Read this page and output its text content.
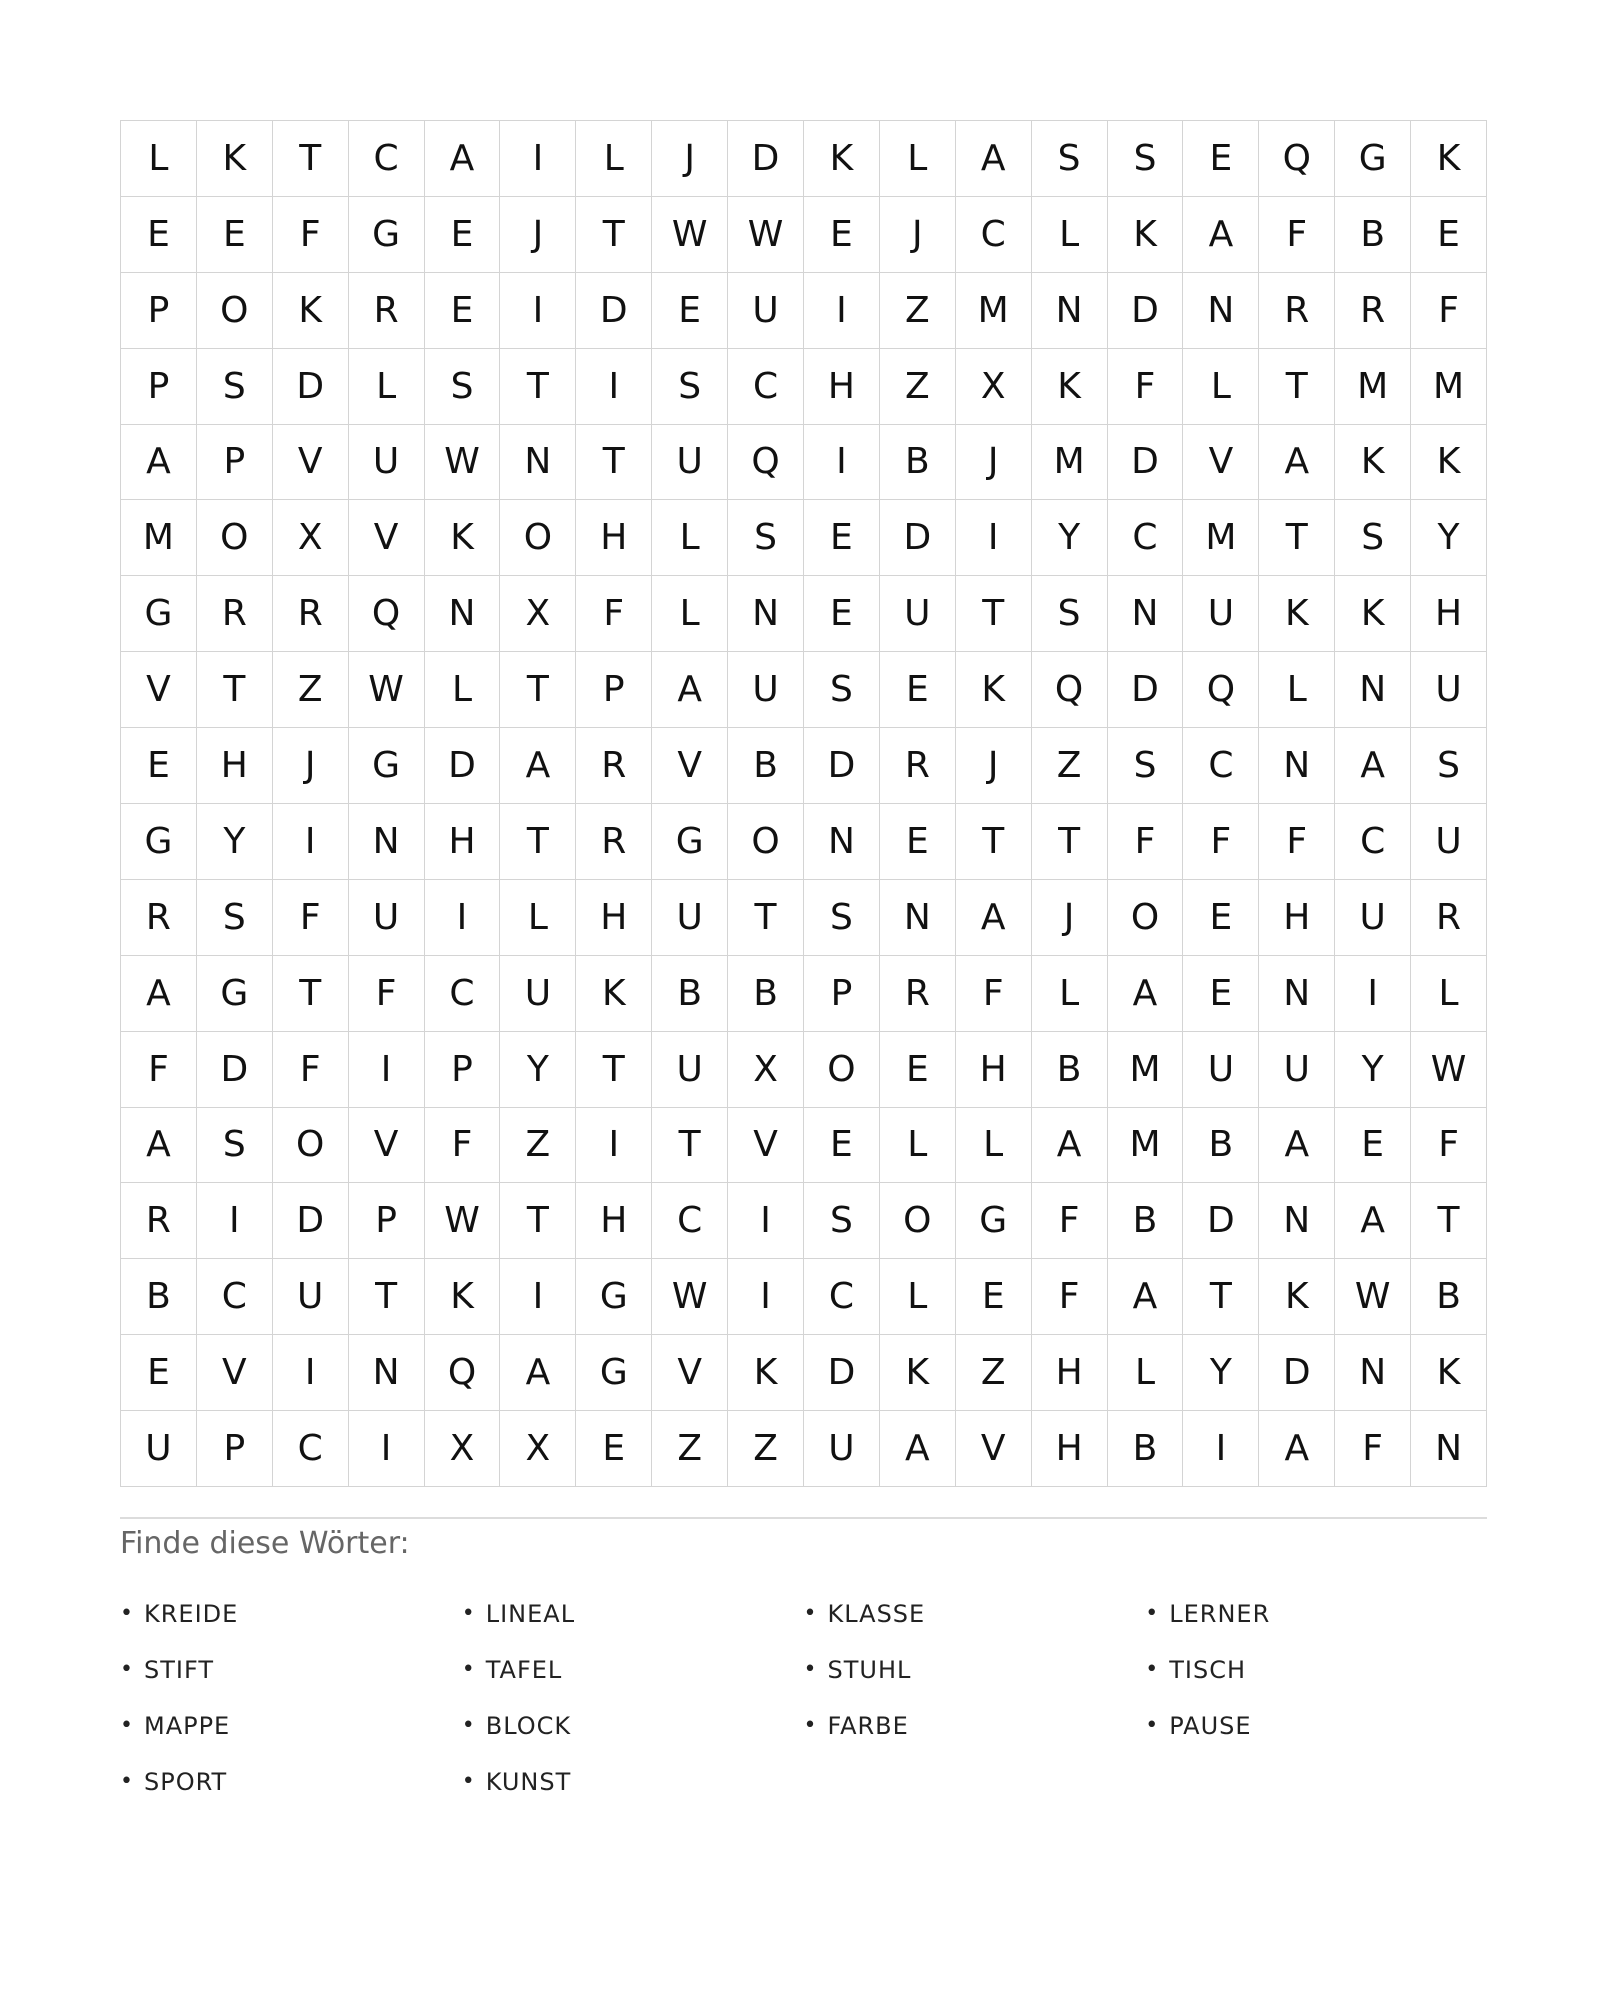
L	K	T	C	A	I	L	J	D	K	L	A	S	S	E	Q	G	K
E	E	F	G	E	J	T	W	W	E	J	C	L	K	A	F	B	E
P	O	K	R	E	I	D	E	U	I	Z	M	N	D	N	R	R	F
P	S	D	L	S	T	I	S	C	H	Z	X	K	F	L	T	M	M
A	P	V	U	W	N	T	U	Q	I	B	J	M	D	V	A	K	K
M	O	X	V	K	O	H	L	S	E	D	I	Y	C	M	T	S	Y
G	R	R	Q	N	X	F	L	N	E	U	T	S	N	U	K	K	H
V	T	Z	W	L	T	P	A	U	S	E	K	Q	D	Q	L	N	U
E	H	J	G	D	A	R	V	B	D	R	J	Z	S	C	N	A	S
G	Y	I	N	H	T	R	G	O	N	E	T	T	F	F	F	C	U
R	S	F	U	I	L	H	U	T	S	N	A	J	O	E	H	U	R
A	G	T	F	C	U	K	B	B	P	R	F	L	A	E	N	I	L
F	D	F	I	P	Y	T	U	X	O	E	H	B	M	U	U	Y	W
A	S	O	V	F	Z	I	T	V	E	L	L	A	M	B	A	E	F
R	I	D	P	W	T	H	C	I	S	O	G	F	B	D	N	A	T
B	C	U	T	K	I	G	W	I	C	L	E	F	A	T	K	W	B
E	V	I	N	Q	A	G	V	K	D	K	Z	H	L	Y	D	N	K
U	P	C	I	X	X	E	Z	Z	U	A	V	H	B	I	A	F	N
Finde diese Wörter:
• KREIDE	• LINEAL	• KLASSE	• LERNER
• STIFT	• TAFEL	• STUHL	• TISCH
• MAPPE	• BLOCK	• FARBE	• PAUSE
• SPORT	• KUNST
